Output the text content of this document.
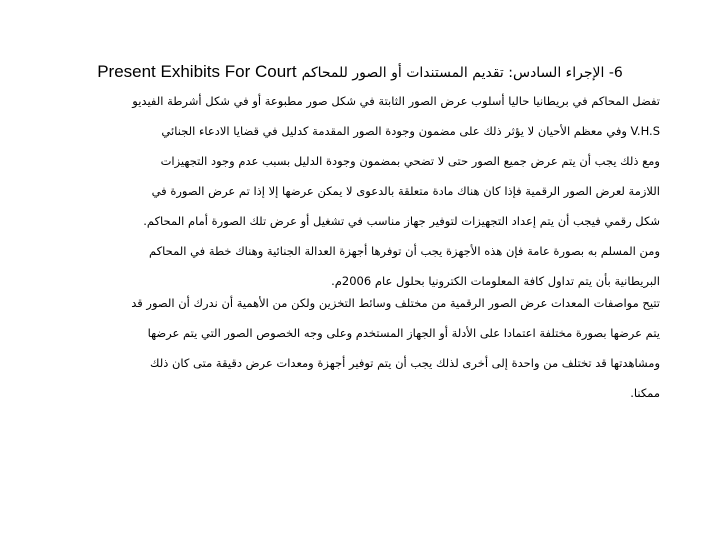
Present Exhibits For Court 6- الإجراء السادس: تقديم المستندات أو الصور للمحاكم
تفضل المحاكم في بريطانيا حاليا أسلوب عرض الصور الثابتة في شكل صور مطبوعة أو في شكل أشرطة الفيديو
V.H.S وفي معظم الأحيان لا يؤثر ذلك على مضمون وجودة الصور المقدمة كدليل في قضايا الادعاء الجنائي
ومع ذلك يجب أن يتم عرض جميع الصور حتى لا تضحي بمضمون وجودة الدليل بسبب عدم وجود التجهيزات
اللازمة لعرض الصور الرقمية فإذا كان هناك مادة متعلقة بالدعوى لا يمكن عرضها إلا إذا تم عرض الصورة في
شكل رقمي فيجب أن يتم إعداد التجهيزات لتوفير جهاز مناسب في تشغيل أو عرض تلك الصورة أمام المحاكم.
ومن المسلم به بصورة عامة فإن هذه الأجهزة يجب أن توفرها أجهزة العدالة الجنائية وهناك خطة في المحاكم
البريطانية بأن يتم تداول كافة المعلومات الكترونيا بحلول عام 2006م.
تتيح مواصفات المعدات عرض الصور الرقمية من مختلف وسائط التخزين ولكن من الأهمية أن ندرك أن الصور قد
يتم عرضها بصورة مختلفة اعتمادا على الأدلة أو الجهاز المستخدم وعلى وجه الخصوص الصور التي يتم عرضها
ومشاهدتها قد تختلف من واحدة إلى أخرى لذلك يجب أن يتم توفير أجهزة ومعدات عرض دقيقة متى كان ذلك
ممكنا.
